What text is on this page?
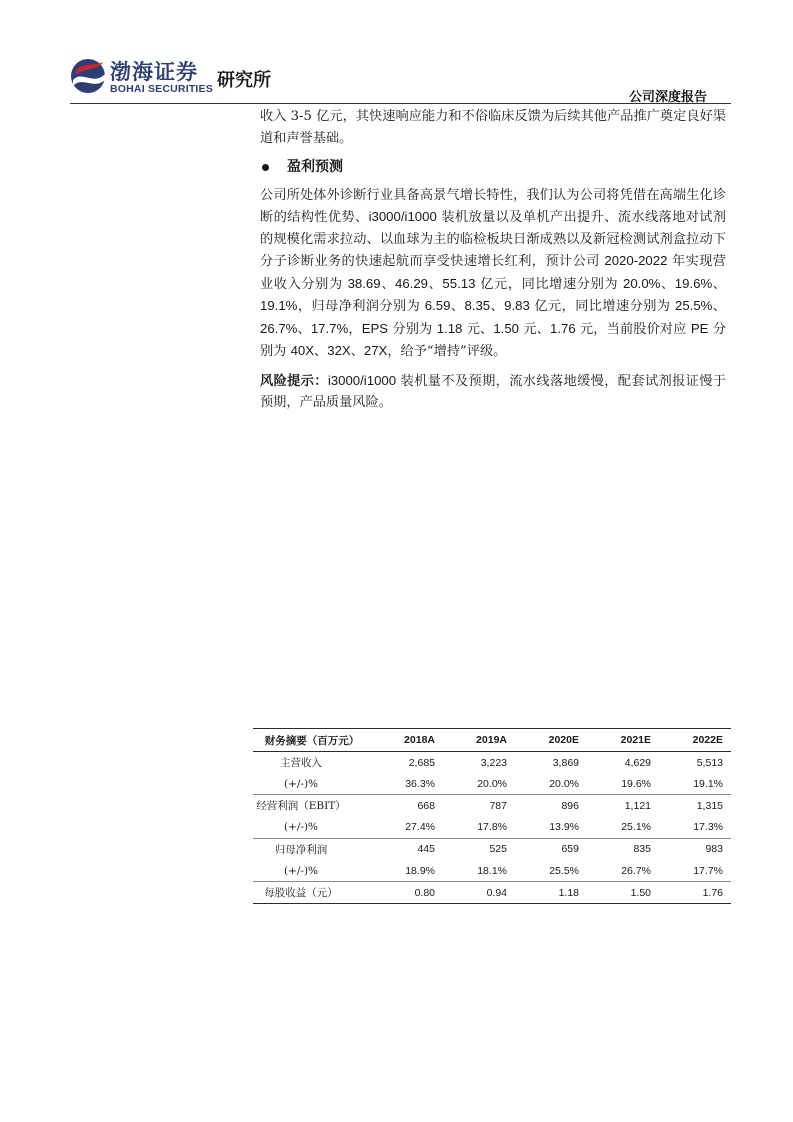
渤海证券
BOHAI SECURITIES 研究所
公司深度报告

收入 3-5 亿元，其快速响应能力和不俗临床反馈为后续其他产品推广奠定良好渠道和声誉基础。

盈利预测

公司所处体外诊断行业具备高景气增长特性，我们认为公司将凭借在高端生化诊断的结构性优势、i3000/i1000 装机放量以及单机产出提升、流水线落地对试剂的规模化需求拉动、以血球为主的临检板块日渐成熟以及新冠检测试剂盒拉动下分子诊断业务的快速起航而享受快速增长红利，预计公司 2020-2022 年实现营业收入分别为 38.69、46.29、55.13 亿元，同比增速分别为 20.0%、19.6%、19.1%，归母净利润分别为 6.59、8.35、9.83 亿元，同比增速分别为 25.5%、26.7%、17.7%，EPS 分别为 1.18 元、1.50 元、1.76 元，当前股价对应 PE 分别为 40X、32X、27X，给予“增持”评级。

风险提示：i3000/i1000 装机量不及预期，流水线落地缓慢，配套试剂报证慢于预期，产品质量风险。

财务摘要（百万元）	2018A	2019A	2020E	2021E	2022E
主营收入	2,685	3,223	3,869	4,629	5,513
(+/-)%	36.3%	20.0%	20.0%	19.6%	19.1%
经营利润（EBIT）	668	787	896	1,121	1,315
(+/-)%	27.4%	17.8%	13.9%	25.1%	17.3%
归母净利润	445	525	659	835	983
(+/-)%	18.9%	18.1%	25.5%	26.7%	17.7%
每股收益（元）	0.80	0.94	1.18	1.50	1.76
